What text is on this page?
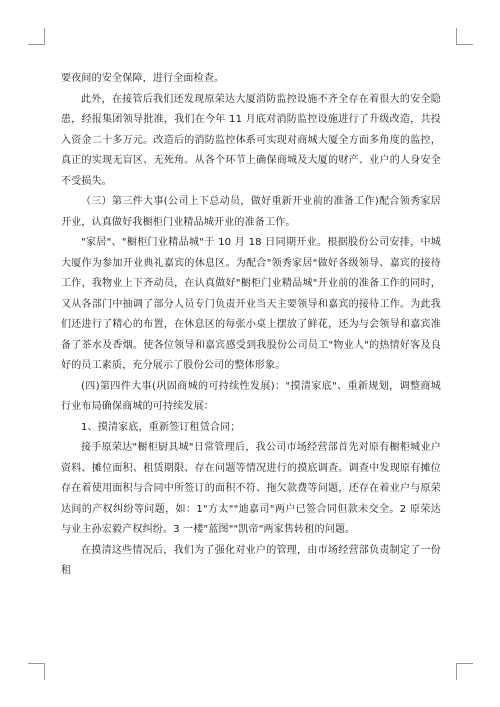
要夜间的安全保障，进行全面检查。

此外，在接管后我们还发现原荣达大厦消防监控设施不齐全存在着很大的安全隐患，经报集团领导批准，我们在今年 11 月底对消防监控设施进行了升级改造，共投入资金二十多万元。改造后的消防监控体系可实现对商城大厦全方面多角度的监控，真正的实现无盲区、无死角。从各个环节上确保商城及大厦的财产、业户的人身安全不受损失。

（三）第三件大事(公司上下总动员，做好重新开业前的准备工作)配合领秀家居开业，认真做好我橱柜门业精品城开业的准备工作。

"家居"、"橱柜门业精品城"于 10 月 18 日同期开业。根据股份公司安排，中城大厦作为参加开业典礼嘉宾的休息区。为配合"领秀家居"做好各级领导、嘉宾的接待工作，我物业上下齐动员，在认真做好"橱柜门业精品城"开业前的准备工作的同时，又从各部门中抽调了部分人员专门负责开业当天主要领导和嘉宾的接待工作。为此我们还进行了精心的布置，在休息区的每张小桌上摆放了鲜花，还为与会领导和嘉宾准备了茶水及香烟。使各位领导和嘉宾感受到我股份公司员工"物业人"的热情好客及良好的员工素质，充分展示了股份公司的整体形象。

(四)第四件大事(巩固商城的可持续性发展)："摸清家底"、重新规划，调整商城行业布局确保商城的可持续发展：

1、摸清家底，重新签订租赁合同；

接手原荣达"橱柜厨具城"日常管理后，我公司市场经营部首先对原有橱柜城业户资料、摊位面积、租赁期限、存在问题等情况进行的摸底调查。调查中发现原有摊位存在着使用面积与合同中所签订的面积不符、拖欠款费等问题，还存在着业户与原荣达间的产权纠纷等问题，如：1"方太""迪嘉司"两户已签合同但款未交全。2 原荣达与业主孙宏毅产权纠纷。3 一楼"蓝图""凯帝"两家售转租的问题。

在摸清这些情况后，我们为了强化对业户的管理，由市场经营部负责制定了一份租
